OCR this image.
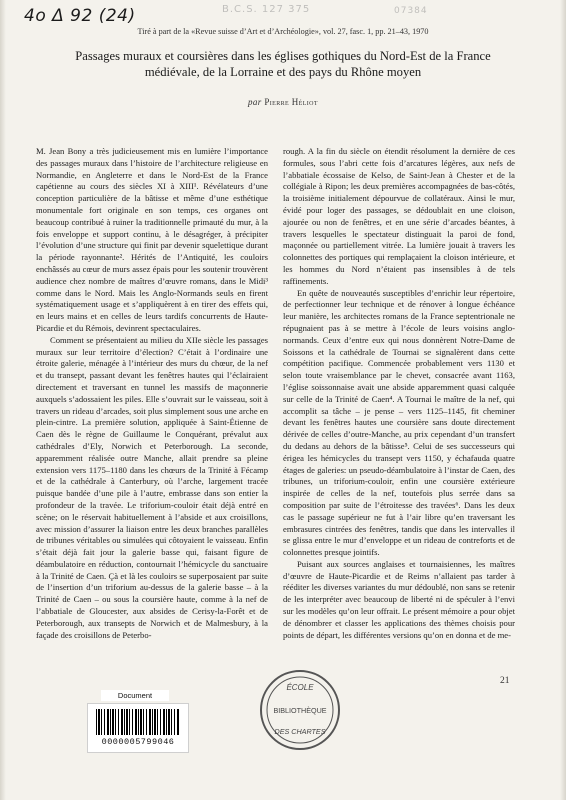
4o Δ 92 (24)	B.C.S. 127 375	07384
Tiré à part de la «Revue suisse d’Art et d’Archéologie», vol. 27, fasc. 1, pp. 21–43, 1970
Passages muraux et coursières dans les églises gothiques du Nord-Est de la France
médiévale, de la Lorraine et des pays du Rhône moyen
par Pierre Héliot

M. Jean Bony a très judicieusement mis en lumière l’importance des passages muraux dans l’histoire de l’architecture religieuse en Normandie, en Angleterre et dans le Nord-Est de la France capétienne au cours des siècles XI à XIII¹. Révélateurs d’une conception particulière de la bâtisse et même d’une esthétique monumentale fort originale en son temps, ces organes ont beaucoup contribué à ruiner la traditionnelle primauté du mur, à la fois enveloppe et support continu, à le désagréger, à précipiter l’évolution d’une structure qui finit par devenir squelettique durant la période rayonnante². Hérités de l’Antiquité, les couloirs enchâssés au cœur de murs assez épais pour les soutenir trouvèrent audience chez nombre de maîtres d’œuvre romans, dans le Midi³ comme dans le Nord. Mais les Anglo-Normands seuls en firent systématiquement usage et s’appliquèrent à en tirer des effets qui, en leurs mains et en celles de leurs tardifs concurrents de Haute-Picardie et du Rémois, devinrent spectaculaires.

Comment se présentaient au milieu du XIIe siècle les passages muraux sur leur territoire d’élection? C’était à l’ordinaire une étroite galerie, ménagée à l’intérieur des murs du chœur, de la nef et du transept, passant devant les fenêtres hautes qui l’éclairaient directement et traversant en tunnel les massifs de maçonnerie auxquels s’adossaient les piles. Elle s’ouvrait sur le vaisseau, soit à travers un rideau d’arcades, soit plus simplement sous une arche en plein-cintre. La première solution, appliquée à Saint-Étienne de Caen dès le règne de Guillaume le Conquérant, prévalut aux cathédrales d’Ely, Norwich et Peterborough. La seconde, apparemment réalisée outre Manche, allait prendre sa pleine extension vers 1175–1180 dans les chœurs de la Trinité à Fécamp et de la cathédrale à Canterbury, où l’arche, largement tracée puisque bandée d’une pile à l’autre, embrasse dans son entier la profondeur de la travée. Le triforium-couloir était déjà entré en scène; on le réservait habituellement à l’abside et aux croisillons, avec mission d’assurer la liaison entre les deux branches parallèles de tribunes véritables ou simulées qui côtoyaient le vaisseau. Enfin s’était déjà fait jour la galerie basse qui, faisant figure de déambulatoire en réduction, contournait l’hémicycle du sanctuaire à la Trinité de Caen. Çà et là les couloirs se superposaient par suite de l’insertion d’un triforium au-dessus de la galerie basse – à la Trinité de Caen – ou sous la coursière haute, comme à la nef de l’abbatiale de Gloucester, aux absides de Cerisy-la-Forêt et de Peterborough, aux transepts de Norwich et de Malmesbury, à la façade des croisillons de Peterbo-

rough. A la fin du siècle on étendit résolument la dernière de ces formules, sous l’abri cette fois d’arcatures légères, aux nefs de l’abbatiale écossaise de Kelso, de Saint-Jean à Chester et de la collégiale à Ripon; les deux premières accompagnées de bas-côtés, la troisième initialement dépourvue de collatéraux. Ainsi le mur, évidé pour loger des passages, se dédoublait en une cloison, ajourée ou non de fenêtres, et en une série d’arcades béantes, à travers lesquelles le spectateur distinguait la paroi de fond, maçonnée ou partiellement vitrée. La lumière jouait à travers les colonnettes des portiques qui remplaçaient la cloison intérieure, et les hommes du Nord n’étaient pas insensibles à de tels raffinements.

En quête de nouveautés susceptibles d’enrichir leur répertoire, de perfectionner leur technique et de rénover à longue échéance leur manière, les architectes romans de la France septentrionale ne répugnaient pas à se mettre à l’école de leurs voisins anglo-normands. Ceux d’entre eux qui nous donnèrent Notre-Dame de Soissons et la cathédrale de Tournai se signalèrent dans cette compétition pacifique. Commencée probablement vers 1130 et selon toute vraisemblance par le chevet, consacrée avant 1163, l’église soissonnaise avait une abside apparemment quasi calquée sur celle de la Trinité de Caen⁴. A Tournai le maître de la nef, qui accomplit sa tâche – je pense – vers 1125–1145, fit cheminer devant les fenêtres hautes une coursière sans doute directement dérivée de celles d’outre-Manche, au prix cependant d’un transfert du dedans au dehors de la bâtisse⁵. Celui de ses successeurs qui érigea les hémicycles du transept vers 1150, y échafauda quatre étages de galeries: un pseudo-déambulatoire à l’instar de Caen, des tribunes, un triforium-couloir, enfin une coursière extérieure inspirée de celles de la nef, toutefois plus serrée dans sa composition par suite de l’étroitesse des travées⁶. Dans les deux cas le passage supérieur ne fut à l’air libre qu’en traversant les embrasures cintrées des fenêtres, tandis que dans les intervalles il se glissa entre le mur d’enveloppe et un rideau de contreforts et de colonnettes presque jointifs.

Puisant aux sources anglaises et tournaisiennes, les maîtres d’œuvre de Haute-Picardie et de Reims n’allaient pas tarder à rééditer les diverses variantes du mur dédoublé, non sans se retenir de les interpréter avec beaucoup de liberté ni de spéculer à l’envi sur les modèles qu’on leur offrait. Le présent mémoire a pour objet de dénombrer et classer les applications des thèmes choisis pour points de départ, les différentes versions qu’on en donna et de me-

21
Document
0000005799046
ÉCOLE
BIBLIOTHÈQUE
DES CHARTES
